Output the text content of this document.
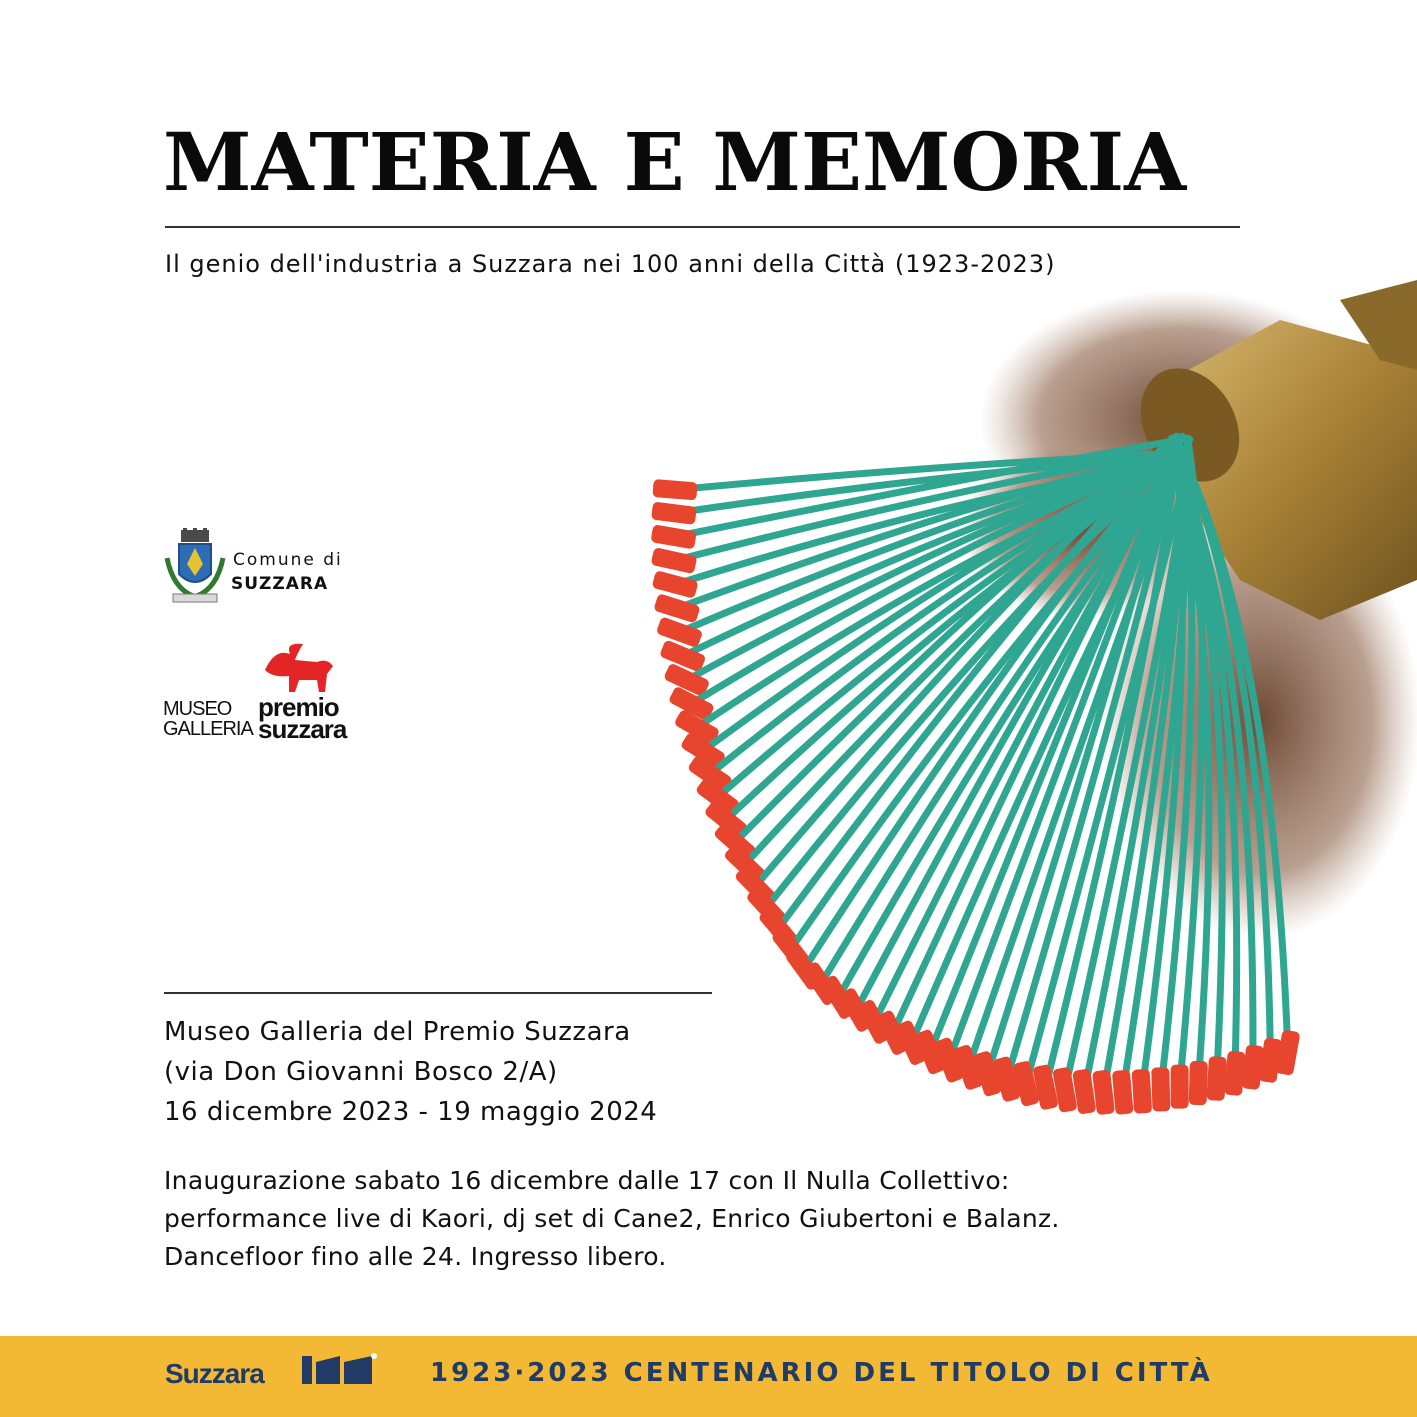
MATERIA E MEMORIA
Il genio dell'industria a Suzzara nei 100 anni della Città (1923-2023)
Comune di
SUZZARA
MUSEO
GALLERIA
premio
suzzara
Museo Galleria del Premio Suzzara
(via Don Giovanni Bosco 2/A)
16 dicembre 2023 - 19 maggio 2024
Inaugurazione sabato 16 dicembre dalle 17 con Il Nulla Collettivo:
performance live di Kaori, dj set di Cane2, Enrico Giubertoni e Balanz.
Dancefloor fino alle 24. Ingresso libero.
Suzzara	1923·2023 CENTENARIO DEL TITOLO DI CITTÀ
